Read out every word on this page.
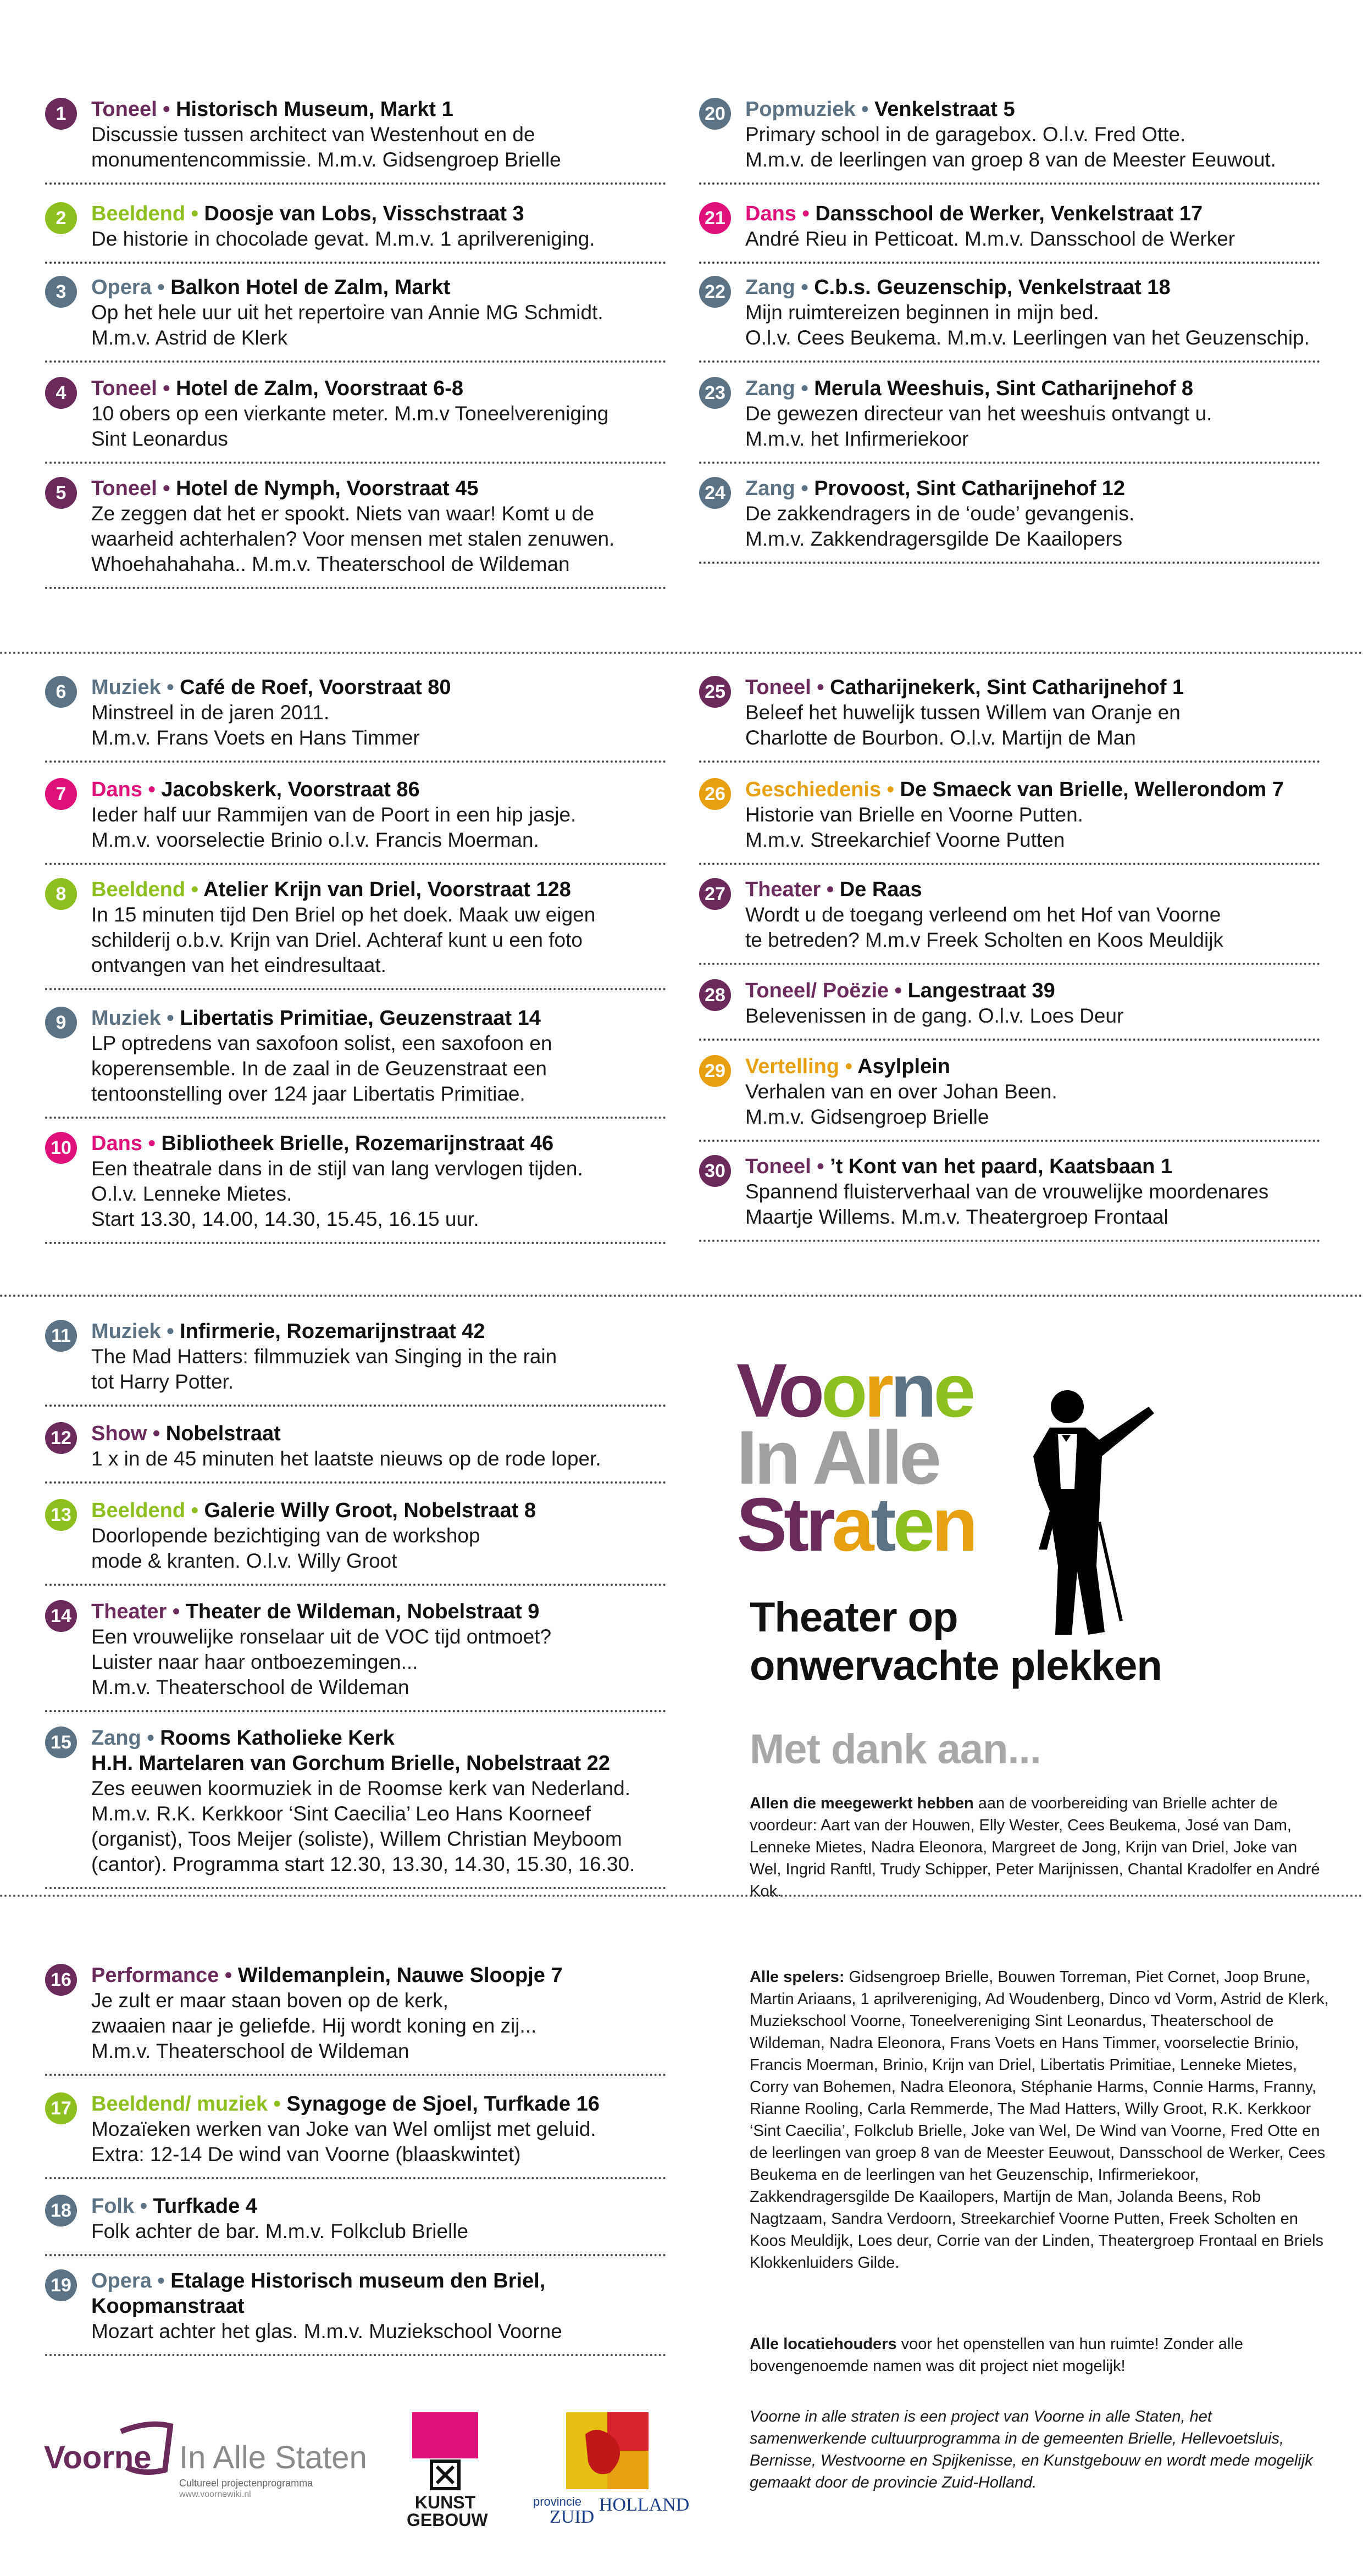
1	Toneel • Historisch Museum, Markt 1
Discussie tussen architect van Westenhout en de
monumentencommissie. M.m.v. Gidsengroep Brielle
2	Beeldend • Doosje van Lobs, Visschstraat 3
De historie in chocolade gevat. M.m.v. 1 aprilvereniging.
3	Opera • Balkon Hotel de Zalm, Markt
Op het hele uur uit het repertoire van Annie MG Schmidt.
M.m.v. Astrid de Klerk
4	Toneel • Hotel de Zalm, Voorstraat 6-8
10 obers op een vierkante meter. M.m.v Toneelvereniging
Sint Leonardus
5	Toneel • Hotel de Nymph, Voorstraat 45
Ze zeggen dat het er spookt. Niets van waar! Komt u de
waarheid achterhalen? Voor mensen met stalen zenuwen.
Whoehahahaha.. M.m.v. Theaterschool de Wildeman
6	Muziek • Café de Roef, Voorstraat 80
Minstreel in de jaren 2011.
M.m.v. Frans Voets en Hans Timmer
7	Dans • Jacobskerk, Voorstraat 86
Ieder half uur Rammijen van de Poort in een hip jasje.
M.m.v. voorselectie Brinio o.l.v. Francis Moerman.
8	Beeldend • Atelier Krijn van Driel, Voorstraat 128
In 15 minuten tijd Den Briel op het doek. Maak uw eigen
schilderij o.b.v. Krijn van Driel. Achteraf kunt u een foto
ontvangen van het eindresultaat.
9	Muziek • Libertatis Primitiae, Geuzenstraat 14
LP optredens van saxofoon solist, een saxofoon en
koperensemble. In de zaal in de Geuzenstraat een
tentoonstelling over 124 jaar Libertatis Primitiae.
10 Dans • Bibliotheek Brielle, Rozemarijnstraat 46
Een theatrale dans in de stijl van lang vervlogen tijden.
O.l.v. Lenneke Mietes.
Start 13.30, 14.00, 14.30, 15.45, 16.15 uur.
11 Muziek • Infirmerie, Rozemarijnstraat 42
The Mad Hatters: filmmuziek van Singing in the rain
tot Harry Potter.
12 Show • Nobelstraat
1 x in de 45 minuten het laatste nieuws op de rode loper.
13 Beeldend • Galerie Willy Groot, Nobelstraat 8
Doorlopende bezichtiging van de workshop
mode & kranten. O.l.v. Willy Groot
14 Theater • Theater de Wildeman, Nobelstraat 9
Een vrouwelijke ronselaar uit de VOC tijd ontmoet?
Luister naar haar ontboezemingen...
M.m.v. Theaterschool de Wildeman
15 Zang • Rooms Katholieke Kerk
H.H. Martelaren van Gorchum Brielle, Nobelstraat 22
Zes eeuwen koormuziek in de Roomse kerk van Nederland.
M.m.v. R.K. Kerkkoor ‘Sint Caecilia’ Leo Hans Koorneef
(organist), Toos Meijer (soliste), Willem Christian Meyboom
(cantor). Programma start 12.30, 13.30, 14.30, 15.30, 16.30.
16 Performance • Wildemanplein, Nauwe Sloopje 7
Je zult er maar staan boven op de kerk,
zwaaien naar je geliefde. Hij wordt koning en zij...
M.m.v. Theaterschool de Wildeman
17 Beeldend/ muziek • Synagoge de Sjoel, Turfkade 16
Mozaïeken werken van Joke van Wel omlijst met geluid.
Extra: 12-14 De wind van Voorne (blaaskwintet)
18 Folk • Turfkade 4
Folk achter de bar. M.m.v. Folkclub Brielle
19 Opera • Etalage Historisch museum den Briel,
Koopmanstraat
Mozart achter het glas. M.m.v. Muziekschool Voorne
20 Popmuziek • Venkelstraat 5
Primary school in de garagebox. O.l.v. Fred Otte.
M.m.v. de leerlingen van groep 8 van de Meester Eeuwout.
21 Dans • Dansschool de Werker, Venkelstraat 17
André Rieu in Petticoat. M.m.v. Dansschool de Werker
22 Zang • C.b.s. Geuzenschip, Venkelstraat 18
Mijn ruimtereizen beginnen in mijn bed.
O.l.v. Cees Beukema. M.m.v. Leerlingen van het Geuzenschip.
23 Zang • Merula Weeshuis, Sint Catharijnehof 8
De gewezen directeur van het weeshuis ontvangt u.
M.m.v. het Infirmeriekoor
24 Zang • Provoost, Sint Catharijnehof 12
De zakkendragers in de ‘oude’ gevangenis.
M.m.v. Zakkendragersgilde De Kaailopers
25 Toneel • Catharijnekerk, Sint Catharijnehof 1
Beleef het huwelijk tussen Willem van Oranje en
Charlotte de Bourbon. O.l.v. Martijn de Man
26 Geschiedenis • De Smaeck van Brielle, Wellerondom 7
Historie van Brielle en Voorne Putten.
M.m.v. Streekarchief Voorne Putten
27 Theater • De Raas
Wordt u de toegang verleend om het Hof van Voorne
te betreden? M.m.v Freek Scholten en Koos Meuldijk
28 Toneel/ Poëzie • Langestraat 39
Belevenissen in de gang. O.l.v. Loes Deur
29 Vertelling • Asylplein
Verhalen van en over Johan Been.
M.m.v. Gidsengroep Brielle
30 Toneel • ’t Kont van het paard, Kaatsbaan 1
Spannend fluisterverhaal van de vrouwelijke moordenares
Maartje Willems. M.m.v. Theatergroep Frontaal
Voorne
In Alle
Straten
Theater op
onwervachte plekken
Met dank aan...
Allen die meegewerkt hebben aan de voorbereiding van Brielle achter de voordeur: Aart van der Houwen, Elly Wester, Cees Beukema, José van Dam, Lenneke Mietes, Nadra Eleonora, Margreet de Jong, Krijn van Driel, Joke van Wel, Ingrid Ranftl, Trudy Schipper, Peter Marijnissen, Chantal Kradolfer en André Kok.
Alle spelers: Gidsengroep Brielle, Bouwen Torreman, Piet Cornet, Joop Brune, Martin Ariaans, 1 aprilvereniging, Ad Woudenberg, Dinco vd Vorm, Astrid de Klerk, Muziekschool Voorne, Toneelvereniging Sint Leonardus, Theaterschool de Wildeman, Nadra Eleonora, Frans Voets en Hans Timmer, voorselectie Brinio, Francis Moerman, Brinio, Krijn van Driel, Libertatis Primitiae, Lenneke Mietes, Corry van Bohemen, Nadra Eleonora, Stéphanie Harms, Connie Harms, Franny, Rianne Rooling, Carla Remmerde, The Mad Hatters, Willy Groot, R.K. Kerkkoor ‘Sint Caecilia’, Folkclub Brielle, Joke van Wel, De Wind van Voorne, Fred Otte en de leerlingen van groep 8 van de Meester Eeuwout, Dansschool de Werker, Cees Beukema en de leerlingen van het Geuzenschip, Infirmeriekoor, Zakkendragersgilde De Kaailopers, Martijn de Man, Jolanda Beens, Rob Nagtzaam, Sandra Verdoorn, Streekarchief Voorne Putten, Freek Scholten en Koos Meuldijk, Loes deur, Corrie van der Linden, Theatergroep Frontaal en Briels Klokkenluiders Gilde.
Alle locatiehouders voor het openstellen van hun ruimte! Zonder alle bovengenoemde namen was dit project niet mogelijk!
Voorne in alle straten is een project van Voorne in alle Staten, het samenwerkende cultuurprogramma in de gemeenten Brielle, Hellevoetsluis, Bernisse, Westvoorne en Spijkenisse, en Kunstgebouw en wordt mede mogelijk gemaakt door de provincie Zuid-Holland.
Voorne In Alle Staten
Cultureel projectenprogramma
www.voornewiki.nl	KUNST
GEBOUW
provincie
ZUID
HOLLAND
